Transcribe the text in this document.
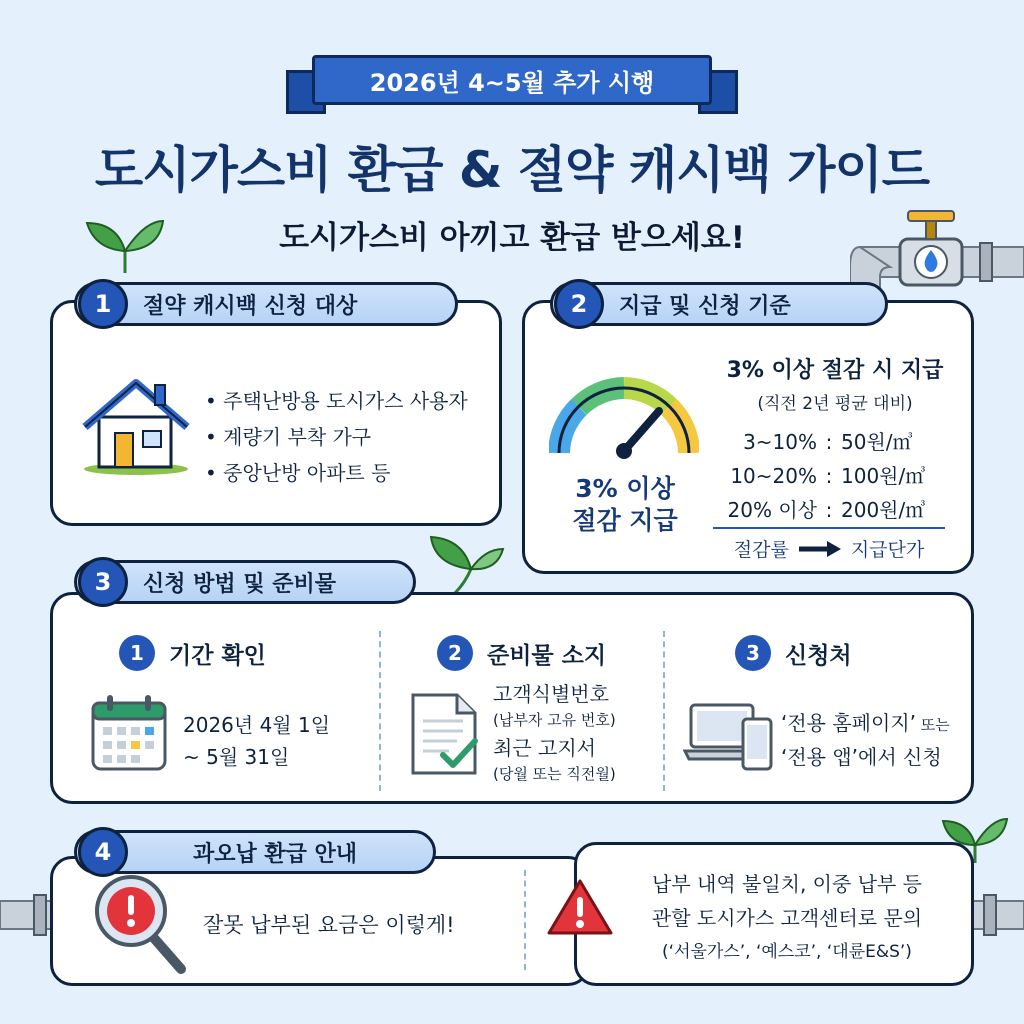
2026년 4~5월 추가 시행
도시가스비 환급 & 절약 캐시백 가이드
도시가스비 아끼고 환급 받으세요!
• 주택난방용 도시가스 사용자
• 계량기 부착 가구
• 중앙난방 아파트 등
절약 캐시백 신청 대상
1
3% 이상
절감 지급
3% 이상 절감 시 지급
(직전 2년 평균 대비)
3~10% : 50원/㎥
10~20% : 100원/㎥
20% 이상 : 200원/㎥
절감률	지급단가
지급 및 신청 기준
2
1 기간 확인
2026년 4월 1일
~ 5월 31일
2 준비물 소지
고객식별번호
(납부자 고유 번호)
최근 고지서
(당월 또는 직전월)
3 신청처
‘전용 홈페이지’ 또는
‘전용 앱’에서 신청
신청 방법 및 준비물
3
잘못 납부된 요금은 이렇게!
납부 내역 불일치, 이중 납부 등
관할 도시가스 고객센터로 문의
(‘서울가스’, ‘예스코’, ‘대륜E&S’)
과오납 환급 안내
4
